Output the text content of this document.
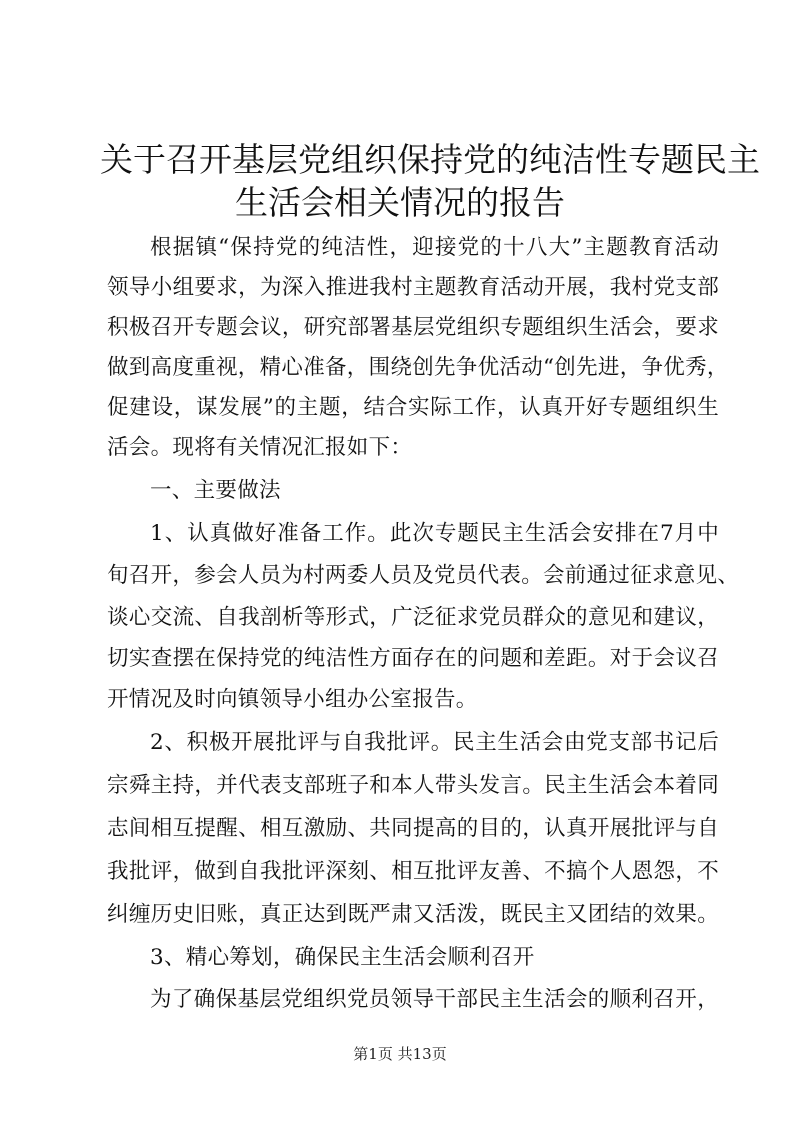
关于召开基层党组织保持党的纯洁性专题民主
生活会相关情况的报告

根据镇“保持党的纯洁性，迎接党的十八大”主题教育活动

领导小组要求，为深入推进我村主题教育活动开展，我村党支部

积极召开专题会议，研究部署基层党组织专题组织生活会，要求

做到高度重视，精心准备，围绕创先争优活动“创先进，争优秀，

促建设，谋发展”的主题，结合实际工作，认真开好专题组织生

活会。现将有关情况汇报如下：

一、主要做法

1、认真做好准备工作。此次专题民主生活会安排在7月中

旬召开，参会人员为村两委人员及党员代表。会前通过征求意见、

谈心交流、自我剖析等形式，广泛征求党员群众的意见和建议，

切实查摆在保持党的纯洁性方面存在的问题和差距。对于会议召

开情况及时向镇领导小组办公室报告。

2、积极开展批评与自我批评。民主生活会由党支部书记后

宗舜主持，并代表支部班子和本人带头发言。民主生活会本着同

志间相互提醒、相互激励、共同提高的目的，认真开展批评与自

我批评，做到自我批评深刻、相互批评友善、不搞个人恩怨，不

纠缠历史旧账，真正达到既严肃又活泼，既民主又团结的效果。

3、精心筹划，确保民主生活会顺利召开

为了确保基层党组织党员领导干部民主生活会的顺利召开，

第1页 共13页
